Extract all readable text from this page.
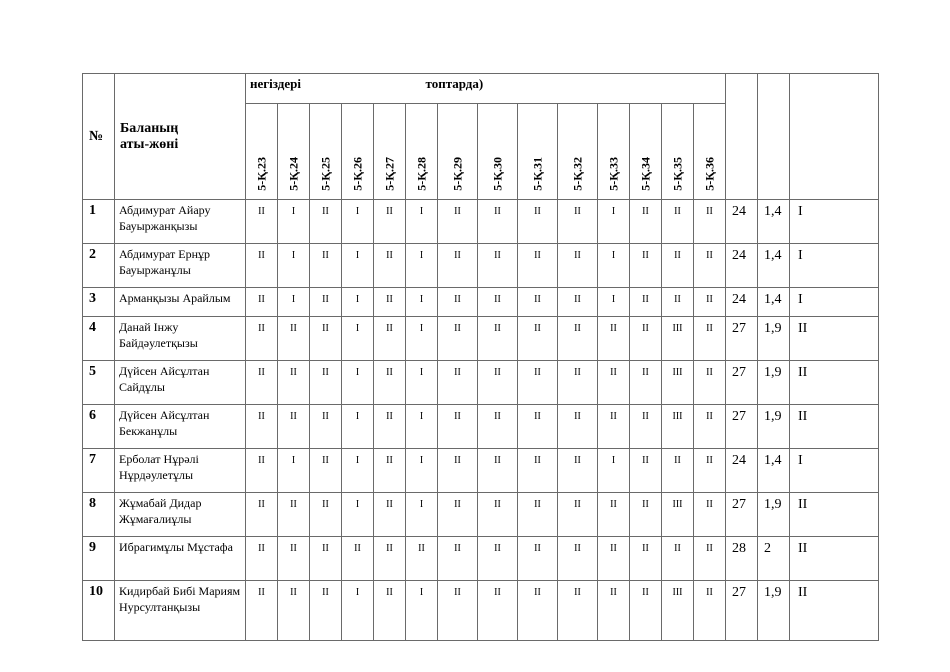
№	Баланың аты-жөні	негіздері					топтарда)											

		5-Қ.23	5-Қ.24	5-Қ.25	5-Қ.26	5-Қ.27	5-Қ.28	5-Қ.29	5-Қ.30	5-Қ.31	5-Қ.32	5-Қ.33	5-Қ.34	5-Қ.35	5-Қ.36			

1	Абдимурат Айару Бауыржанқызы	II	I	II	I	II	I	II	II	II	II	I	II	II	II	24	1,4	I
2	Абдимурат Ернұр Бауыржанұлы	II	I	II	I	II	I	II	II	II	II	I	II	II	II	24	1,4	I
3	Арманқызы Арайлым	II	I	II	I	II	I	II	II	II	II	I	II	II	II	24	1,4	I
4	Данай Інжу Байдәулетқызы	II	II	II	I	II	I	II	II	II	II	II	II	III	II	27	1,9	II
5	Дүйсен Айсұлтан Сайдұлы	II	II	II	I	II	I	II	II	II	II	II	II	III	II	27	1,9	II
6	Дүйсен Айсұлтан Бекжанұлы	II	II	II	I	II	I	II	II	II	II	II	II	III	II	27	1,9	II
7	Ерболат Нұрәлі Нұрдәулетұлы	II	I	II	I	II	I	II	II	II	II	I	II	II	II	24	1,4	I
8	Жұмабай Дидар Жұмағалиұлы	II	II	II	I	II	I	II	II	II	II	II	II	III	II	27	1,9	II
9	Ибрагимұлы Мұстафа	II	II	II	II	II	II	II	II	II	II	II	II	II	II	28	2	II
10	Кидирбай Бибі Мариям Нурсултанқызы	II	II	II	I	II	I	II	II	II	II	II	II	III	II	27	1,9	II
